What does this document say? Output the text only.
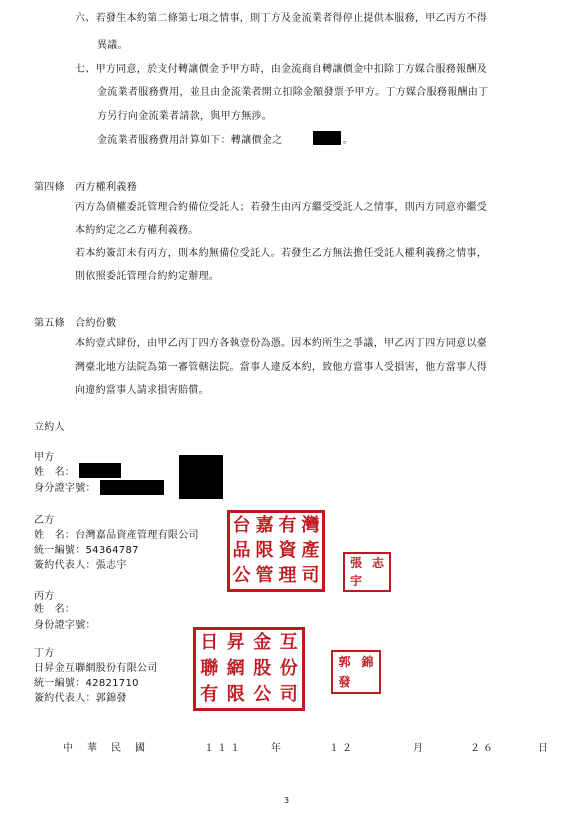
六、若發生本約第二條第七項之情事，則丁方及金流業者得停止提供本服務，甲乙丙方不得
異議。
七、甲方同意，於支付轉讓價金予甲方時，由金流商自轉讓價金中扣除丁方媒合服務報酬及
金流業者服務費用，並且由金流業者開立扣除金額發票予甲方。丁方媒合服務報酬由丁
方另行向金流業者請款，與甲方無涉。
金流業者服務費用計算如下：轉讓價金之	。
第四條　丙方權利義務
丙方為債權委託管理合約備位受託人；若發生由丙方繼受受託人之情事，則丙方同意亦繼受
本約約定之乙方權利義務。
若本約簽訂未有丙方，則本約無備位受託人。若發生乙方無法擔任受託人權利義務之情事，
則依照委託管理合約約定辦理。
第五條　合約份數
本約壹式肆份，由甲乙丙丁四方各執壹份為憑。因本約所生之爭議，甲乙丙丁四方同意以臺
灣臺北地方法院為第一審管轄法院。當事人違反本約，致他方當事人受損害，他方當事人得
向違約當事人請求損害賠償。
立約人
甲方
姓　名：
身分證字號：
乙方
姓　名：台灣嘉品資產管理有限公司
統一編號：54364787
簽約代表人：張志宇
台 嘉 有 灣
品 限 資 產
公 管 理 司
張 志
宇
丙方
姓　名：
身份證字號：
丁方
日昇金互聯網股份有限公司
統一編號：42821710
簽約代表人：郭錦發
日 昇 金 互
聯 網 股 份
有 限 公 司
郭 錦
發
中　華　民　國	１１１	年	１２	月	２６	日
3
